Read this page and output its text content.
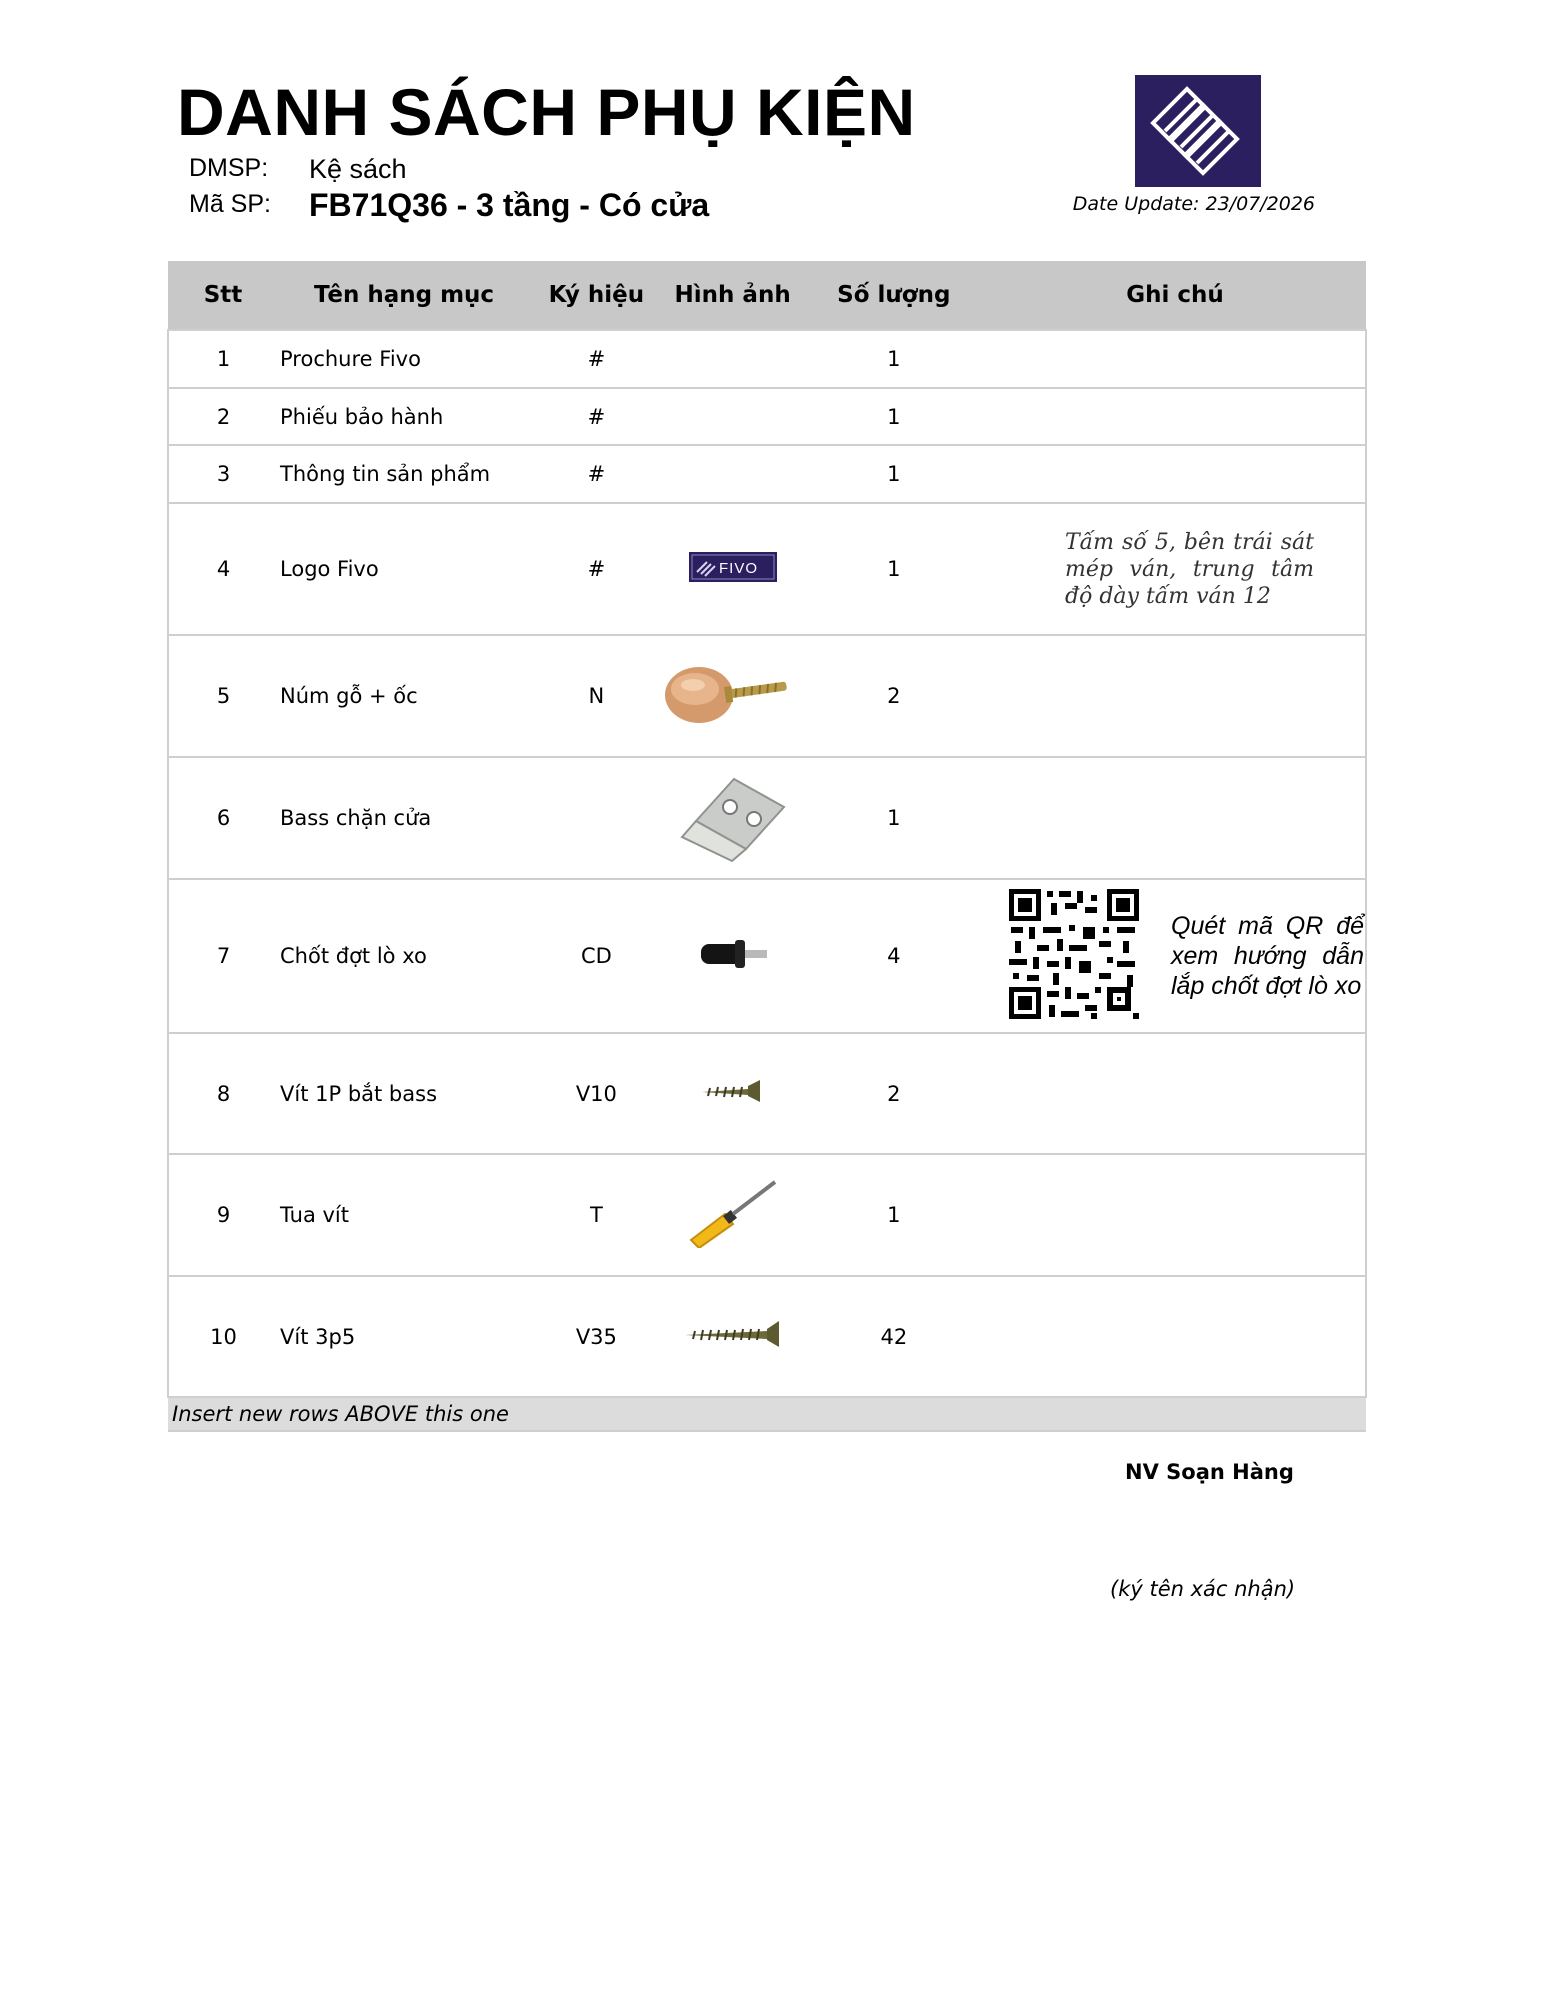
DANH SÁCH PHỤ KIỆN
DMSP: Kệ sách
Mã SP: FB71Q36 - 3 tầng - Có cửa	Date Update: 23/07/2026
Stt	Tên hạng mục	Ký hiệu	Hình ảnh	Số lượng	Ghi chú
1	Prochure Fivo	#		1	
2	Phiếu bảo hành	#		1	
3	Thông tin sản phẩm	#		1	
4	Logo Fivo	#	FIVO	1	Tấm số 5, bên trái sát mép ván, trung tâm độ dày tấm ván 12

5	Núm gỗ + ốc	N		2	
6	Bass chặn cửa			1	
7	Chốt đợt lò xo	CD		4	Quét mã QR để xem hướng dẫn lắp chốt đợt lò xo

8	Vít 1P bắt bass	V10		2	
9	Tua vít	T		1	
10	Vít 3p5	V35		42	
Insert new rows ABOVE this one					
NV Soạn Hàng
(ký tên xác nhận)
